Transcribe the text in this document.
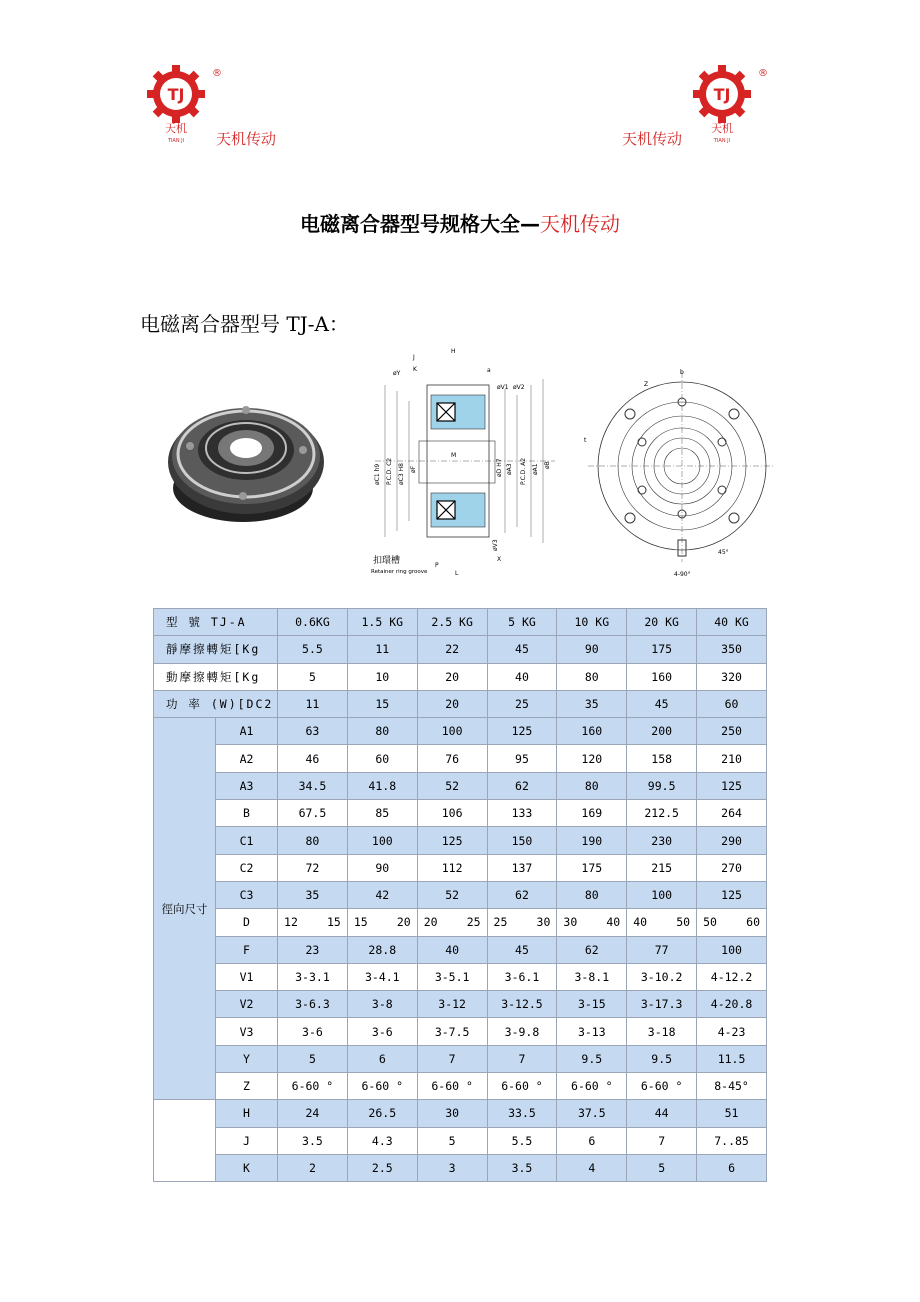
TJ
®
天机
TIAN JI 天机传动
TJ
®
天机
TIAN JI
天机传动
电磁离合器型号规格大全—天机传动
电磁离合器型号 TJ-A：
J
H
K	a
øY
øV1 øV2
M
øC1 h9 P.C.D. C2 øC3 H8 øF	øD H7 øA3 P.C.D. A2 øA1 øB
øV3
X
P
L
扣環槽
Retainer ring groove
Z
b
t
45°
4-90°
型 號 TJ-A		0.6KG	1.5 KG	2.5 KG	5 KG	10 KG	20 KG	40 KG
靜摩擦轉矩[Kg		5.5	11	22	45	90	175	350
動摩擦轉矩[Kg		5	10	20	40	80	160	320
功 率 (W)[DC2		11	15	20	25	35	45	60
徑向尺寸	A1	63	80	100	125	160	200	250
	A2	46	60	76	95	120	158	210
	A3	34.5	41.8	52	62	80	99.5	125
	B	67.5	85	106	133	169	212.5	264
	C1	80	100	125	150	190	230	290
	C2	72	90	112	137	175	215	270
	C3	35	42	52	62	80	100	125
	D	12 15	15 20	20 25	25 30	30 40	40 50	50 60

	F	23	28.8	40	45	62	77	100
	V1	3-3.1	3-4.1	3-5.1	3-6.1	3-8.1	3-10.2	4-12.2
	V2	3-6.3	3-8	3-12	3-12.5	3-15	3-17.3	4-20.8
	V3	3-6	3-6	3-7.5	3-9.8	3-13	3-18	4-23
	Y	5	6	7	7	9.5	9.5	11.5
	Z	6-60 °	6-60 °	6-60 °	6-60 °	6-60 °	6-60 °	8-45°
	H	24	26.5	30	33.5	37.5	44	51
	J	3.5	4.3	5	5.5	6	7	7..85
	K	2	2.5	3	3.5	4	5	6
